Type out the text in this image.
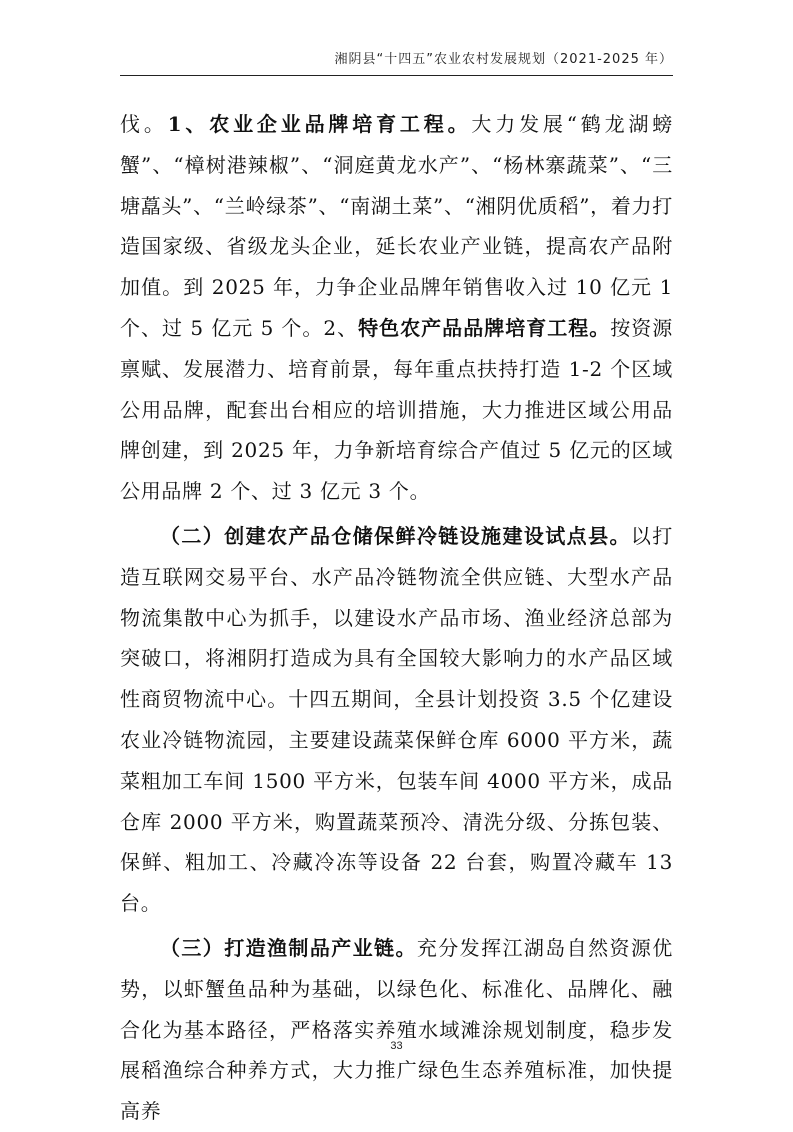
湘阴县“十四五”农业农村发展规划（2021-2025 年）

伐。1、农业企业品牌培育工程。大力发展“鹤龙湖螃蟹”、“樟树港辣椒”、“洞庭黄龙水产”、“杨林寨蔬菜”、“三塘藠头”、“兰岭绿茶”、“南湖土菜”、“湘阴优质稻”，着力打造国家级、省级龙头企业，延长农业产业链，提高农产品附加值。到 2025 年，力争企业品牌年销售收入过 10 亿元 1 个、过 5 亿元 5 个。2、特色农产品品牌培育工程。按资源禀赋、发展潜力、培育前景，每年重点扶持打造 1-2 个区域公用品牌，配套出台相应的培训措施，大力推进区域公用品牌创建，到 2025 年，力争新培育综合产值过 5 亿元的区域公用品牌 2 个、过 3 亿元 3 个。

（二）创建农产品仓储保鲜冷链设施建设试点县。以打造互联网交易平台、水产品冷链物流全供应链、大型水产品物流集散中心为抓手，以建设水产品市场、渔业经济总部为突破口，将湘阴打造成为具有全国较大影响力的水产品区域性商贸物流中心。十四五期间，全县计划投资 3.5 个亿建设农业冷链物流园，主要建设蔬菜保鲜仓库 6000 平方米，蔬菜粗加工车间 1500 平方米，包装车间 4000 平方米，成品仓库 2000 平方米，购置蔬菜预冷、清洗分级、分拣包装、保鲜、粗加工、冷藏冷冻等设备 22 台套，购置冷藏车 13 台。

（三）打造渔制品产业链。充分发挥江湖岛自然资源优势，以虾蟹鱼品种为基础，以绿色化、标准化、品牌化、融合化为基本路径，严格落实养殖水域滩涂规划制度，稳步发展稻渔综合种养方式，大力推广绿色生态养殖标准，加快提高养

33
